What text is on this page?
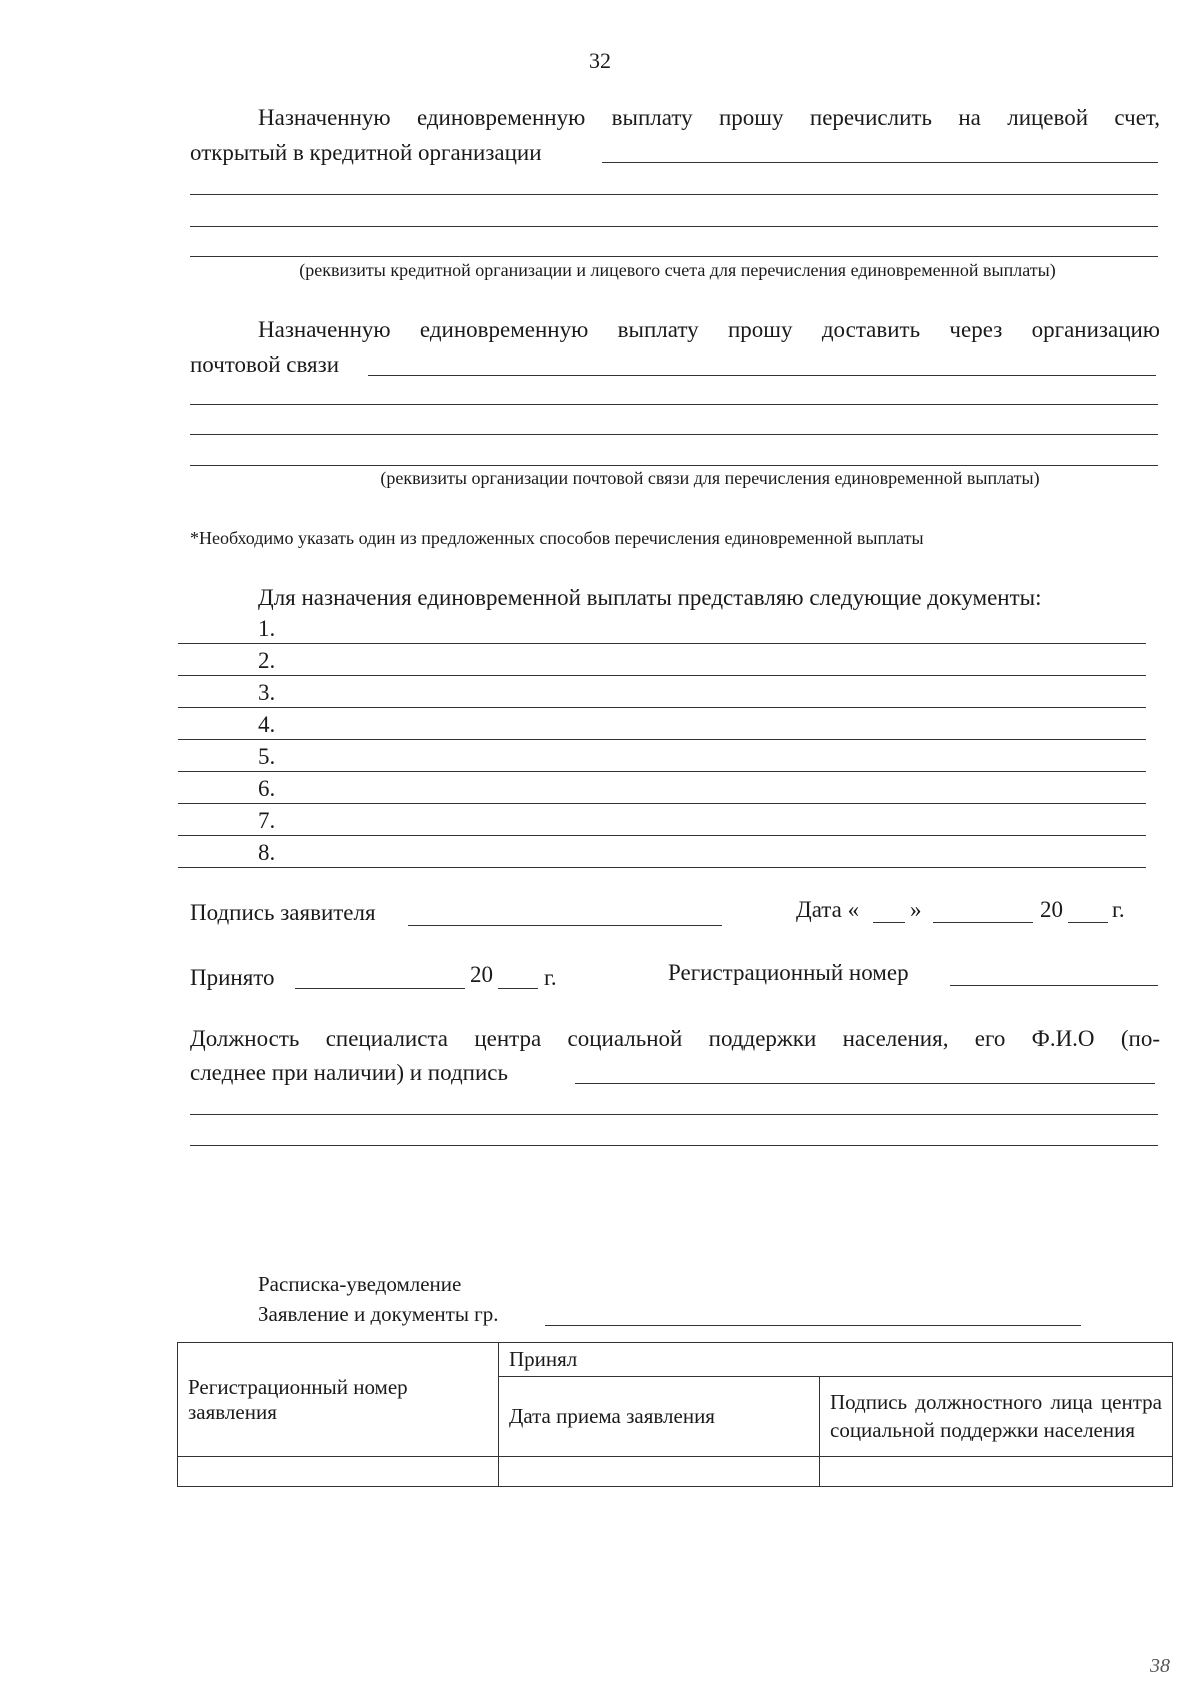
32
Назначенную единовременную выплату прошу перечислить на лицевой счет,
открытый в кредитной организации
(реквизиты кредитной организации и лицевого счета для перечисления единовременной выплаты)
Назначенную единовременную выплату прошу доставить через организацию
почтовой связи
(реквизиты организации почтовой связи для перечисления единовременной выплаты)
*Необходимо указать один из предложенных способов перечисления единовременной выплаты
Для назначения единовременной выплаты представляю следующие документы:
1.
2.
3.
4.
5.
6.
7.
8.
Подпись заявителя	Дата « »	20 г.
Принято	20 г.	Регистрационный номер
Должность специалиста центра социальной поддержки населения, его Ф.И.О (по-
следнее при наличии) и подпись
Расписка-уведомление
Заявление и документы гр.
Регистрационный номер заявления	Принял	
	Дата приема заявления	Подпись должностного лица центра социальной поддержки населения

38
